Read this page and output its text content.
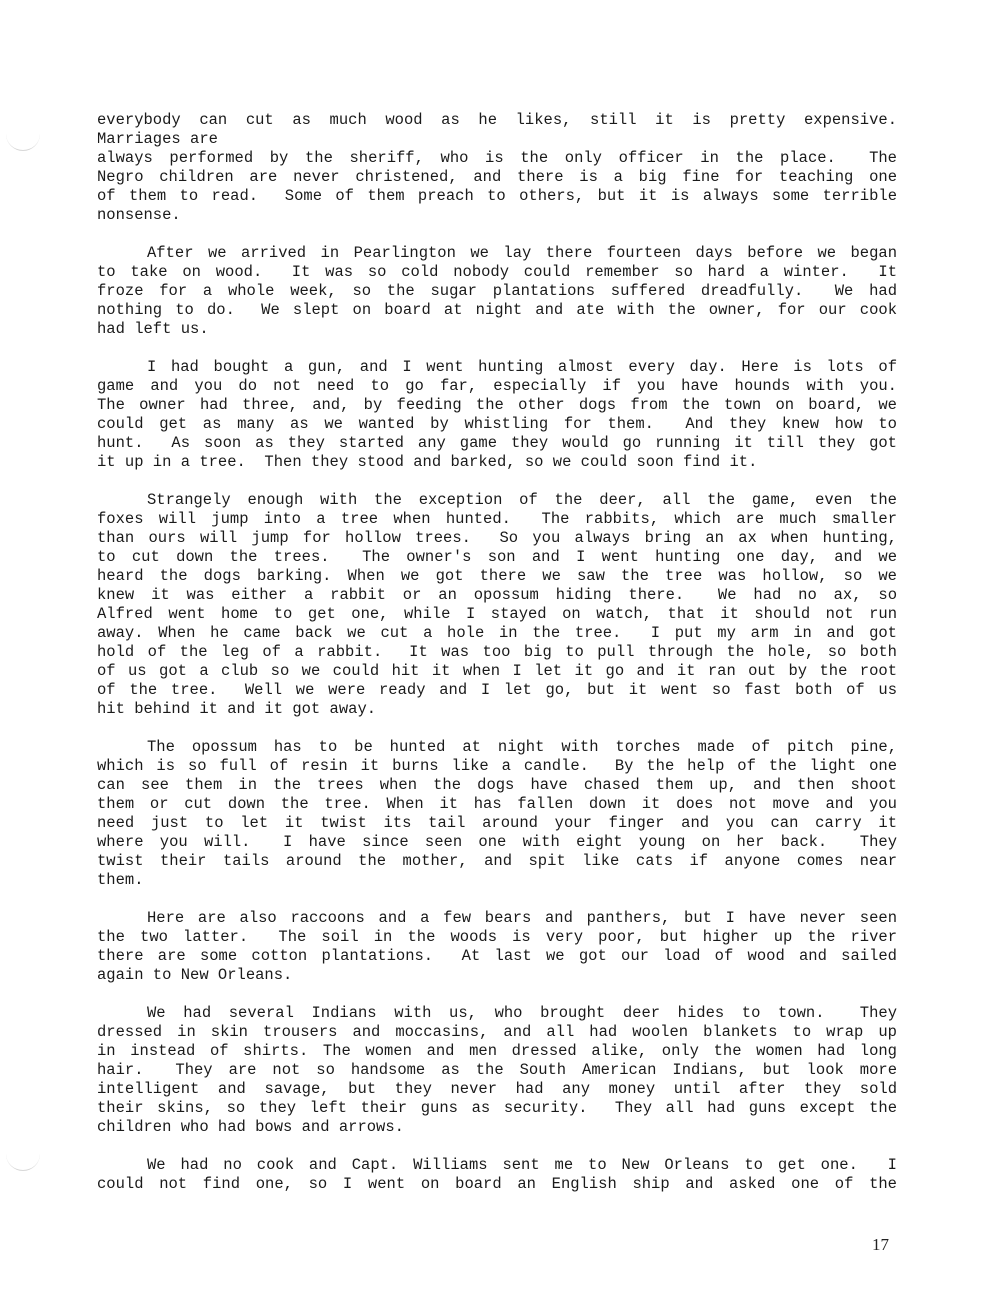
everybody can cut as much wood as he likes, still it is pretty expensive.
Marriages are
always performed by the sheriff, who is the only officer in the place.  The
Negro children are never christened, and there is a big fine for teaching one
of them to read.  Some of them preach to others, but it is always some terrible
nonsense.
After we arrived in Pearlington we lay there fourteen days before we began
to take on wood.  It was so cold nobody could remember so hard a winter.  It
froze for a whole week, so the sugar plantations suffered dreadfully.  We had
nothing to do.  We slept on board at night and ate with the owner, for our cook
had left us.
I had bought a gun, and I went hunting almost every day. Here is lots of
game and you do not need to go far, especially if you have hounds with you.
The owner had three, and, by feeding the other dogs from the town on board, we
could get as many as we wanted by whistling for them.  And they knew how to
hunt.  As soon as they started any game they would go running it till they got
it up in a tree.  Then they stood and barked, so we could soon find it.
Strangely enough with the exception of the deer, all the game, even the
foxes will jump into a tree when hunted.  The rabbits, which are much smaller
than ours will jump for hollow trees.  So you always bring an ax when hunting,
to cut down the trees.  The owner's son and I went hunting one day, and we
heard the dogs barking. When we got there we saw the tree was hollow, so we
knew it was either a rabbit or an opossum hiding there.  We had no ax, so
Alfred went home to get one, while I stayed on watch, that it should not run
away. When he came back we cut a hole in the tree.  I put my arm in and got
hold of the leg of a rabbit.  It was too big to pull through the hole, so both
of us got a club so we could hit it when I let it go and it ran out by the root
of the tree.  Well we were ready and I let go, but it went so fast both of us
hit behind it and it got away.
The opossum has to be hunted at night with torches made of pitch pine,
which is so full of resin it burns like a candle.  By the help of the light one
can see them in the trees when the dogs have chased them up, and then shoot
them or cut down the tree. When it has fallen down it does not move and you
need just to let it twist its tail around your finger and you can carry it
where you will.  I have since seen one with eight young on her back.  They
twist their tails around the mother, and spit like cats if anyone comes near
them.
Here are also raccoons and a few bears and panthers, but I have never seen
the two latter.  The soil in the woods is very poor, but higher up the river
there are some cotton plantations.  At last we got our load of wood and sailed
again to New Orleans.
We had several Indians with us, who brought deer hides to town.  They
dressed in skin trousers and moccasins, and all had woolen blankets to wrap up
in instead of shirts. The women and men dressed alike, only the women had long
hair.  They are not so handsome as the South American Indians, but look more
intelligent and savage, but they never had any money until after they sold
their skins, so they left their guns as security.  They all had guns except the
children who had bows and arrows.
We had no cook and Capt. Williams sent me to New Orleans to get one.  I
could not find one, so I went on board an English ship and asked one of the
17
